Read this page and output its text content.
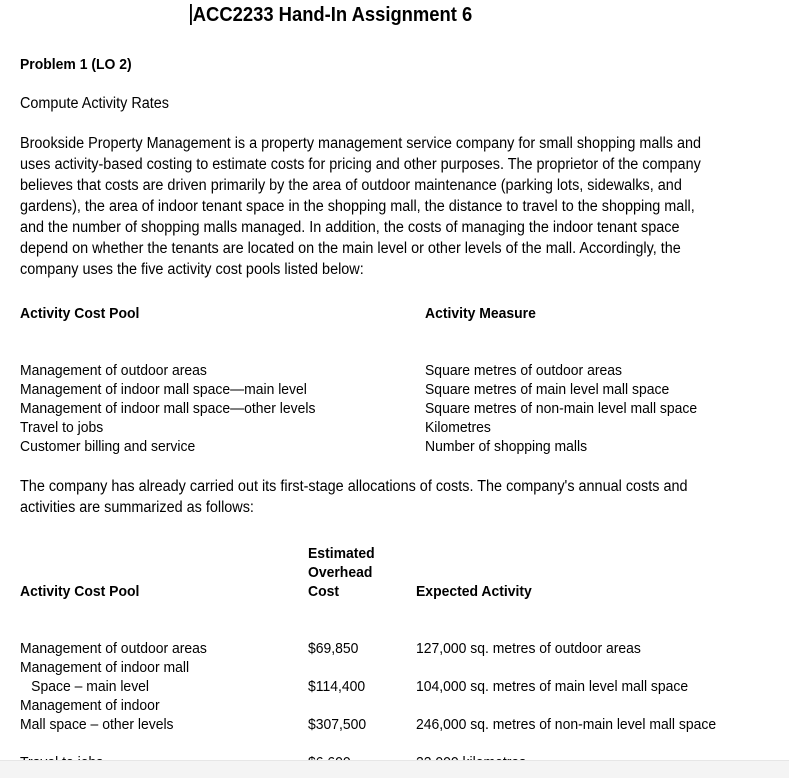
ACC2233 Hand-In Assignment 6
Problem 1 (LO 2)
Compute Activity Rates
Brookside Property Management is a property management service company for small shopping malls and uses activity-based costing to estimate costs for pricing and other purposes. The proprietor of the company believes that costs are driven primarily by the area of outdoor maintenance (parking lots, sidewalks, and gardens), the area of indoor tenant space in the shopping mall, the distance to travel to the shopping mall, and the number of shopping malls managed. In addition, the costs of managing the indoor tenant space depend on whether the tenants are located on the main level or other levels of the mall. Accordingly, the company uses the five activity cost pools listed below:
Activity Cost Pool	Activity Measure
Management of outdoor areas	Square metres of outdoor areas
Management of indoor mall space—main level	Square metres of main level mall space
Management of indoor mall space—other levels	Square metres of non-main level mall space
Travel to jobs	Kilometres
Customer billing and service	Number of shopping malls
The company has already carried out its first-stage allocations of costs. The company's annual costs and activities are summarized as follows:
Estimated
Overhead
Activity Cost Pool	Cost	Expected Activity
Management of outdoor areas	$69,850	127,000 sq. metres of outdoor areas
Management of indoor mall
Space – main level	$114,400	104,000 sq. metres of main level mall space
Management of indoor
Mall space – other levels	$307,500	246,000 sq. metres of non-main level mall space
